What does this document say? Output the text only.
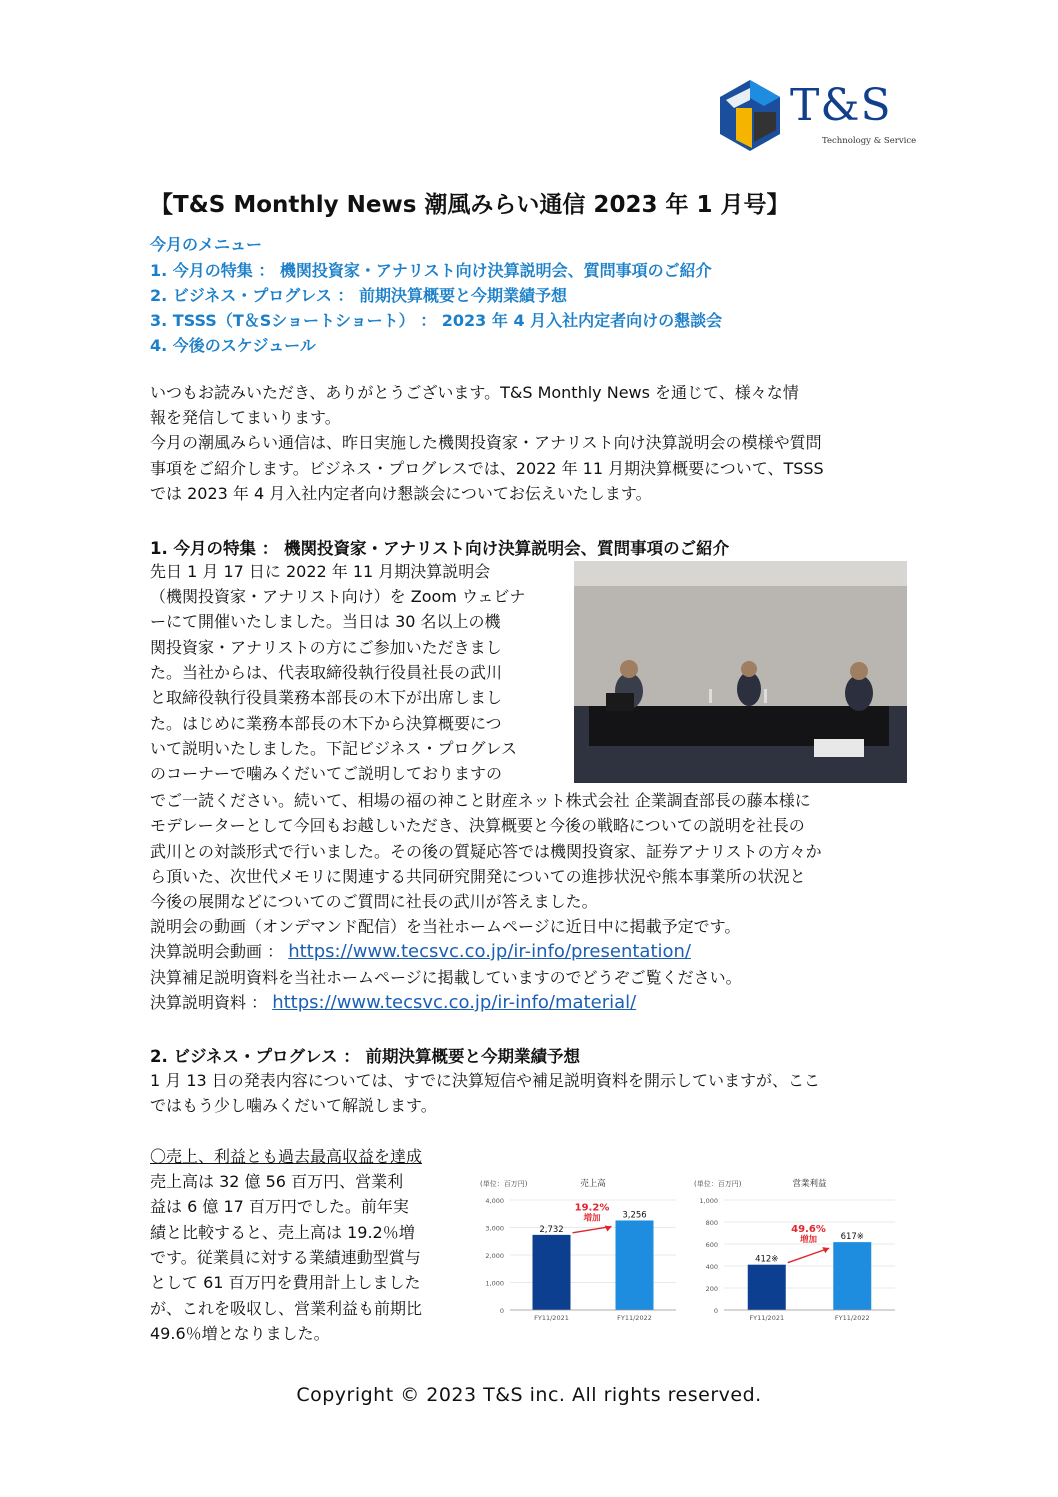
T&S
Technology & Service
【T&S Monthly News 潮風みらい通信 2023 年 1 月号】
今月のメニュー
1. 今月の特集 ： 機関投資家・アナリスト向け決算説明会、質問事項のご紹介
2. ビジネス・プログレス ： 前期決算概要と今期業績予想
3. TSSS（T＆Sショートショート） ： 2023 年 4 月入社内定者向けの懇談会
4. 今後のスケジュール
いつもお読みいただき、ありがとうございます。T&S Monthly News を通じて、様々な情
報を発信してまいります。
今月の潮風みらい通信は、昨日実施した機関投資家・アナリスト向け決算説明会の模様や質問
事項をご紹介します。ビジネス・プログレスでは、2022 年 11 月期決算概要について、TSSS
では 2023 年 4 月入社内定者向け懇談会についてお伝えいたします。
1. 今月の特集 ： 機関投資家・アナリスト向け決算説明会、質問事項のご紹介
先日 1 月 17 日に 2022 年 11 月期決算説明会
（機関投資家・アナリスト向け）を Zoom ウェビナ
ーにて開催いたしました。当日は 30 名以上の機
関投資家・アナリストの方にご参加いただきまし
た。当社からは、代表取締役執行役員社長の武川
と取締役執行役員業務本部長の木下が出席しまし
た。はじめに業務本部長の木下から決算概要につ
いて説明いたしました。下記ビジネス・プログレス
のコーナーで噛みくだいてご説明しておりますの
でご一読ください。続いて、相場の福の神こと財産ネット株式会社 企業調査部長の藤本様に
モデレーターとして今回もお越しいただき、決算概要と今後の戦略についての説明を社長の
武川との対談形式で行いました。その後の質疑応答では機関投資家、証券アナリストの方々か
ら頂いた、次世代メモリに関連する共同研究開発についての進捗状況や熊本事業所の状況と
今後の展開などについてのご質問に社長の武川が答えました。
説明会の動画（オンデマンド配信）を当社ホームページに近日中に掲載予定です。
決算説明会動画 ： https://www.tecsvc.co.jp/ir-info/presentation/
決算補足説明資料を当社ホームページに掲載していますのでどうぞご覧ください。
決算説明資料 ： https://www.tecsvc.co.jp/ir-info/material/
2. ビジネス・プログレス ： 前期決算概要と今期業績予想
1 月 13 日の発表内容については、すでに決算短信や補足説明資料を開示していますが、ここ
ではもう少し噛みくだいて解説します。
〇売上、利益とも過去最高収益を達成
売上高は 32 億 56 百万円、営業利
益は 6 億 17 百万円でした。前年実
績と比較すると、売上高は 19.2％増
です。従業員に対する業績連動型賞与
として 61 百万円を費用計上しました
が、これを吸収し、営業利益も前期比
49.6％増となりました。
(単位：百万円)	売上高
0
1,000
2,000
3,000
4,000
2,732
FY11/2021
3,256
FY11/2022
19.2%
増加
(単位：百万円)	営業利益
0
200
400
600
800
1,000
412※
FY11/2021
617※
FY11/2022
49.6%
増加
Copyright © 2023 T&S inc. All rights reserved.
